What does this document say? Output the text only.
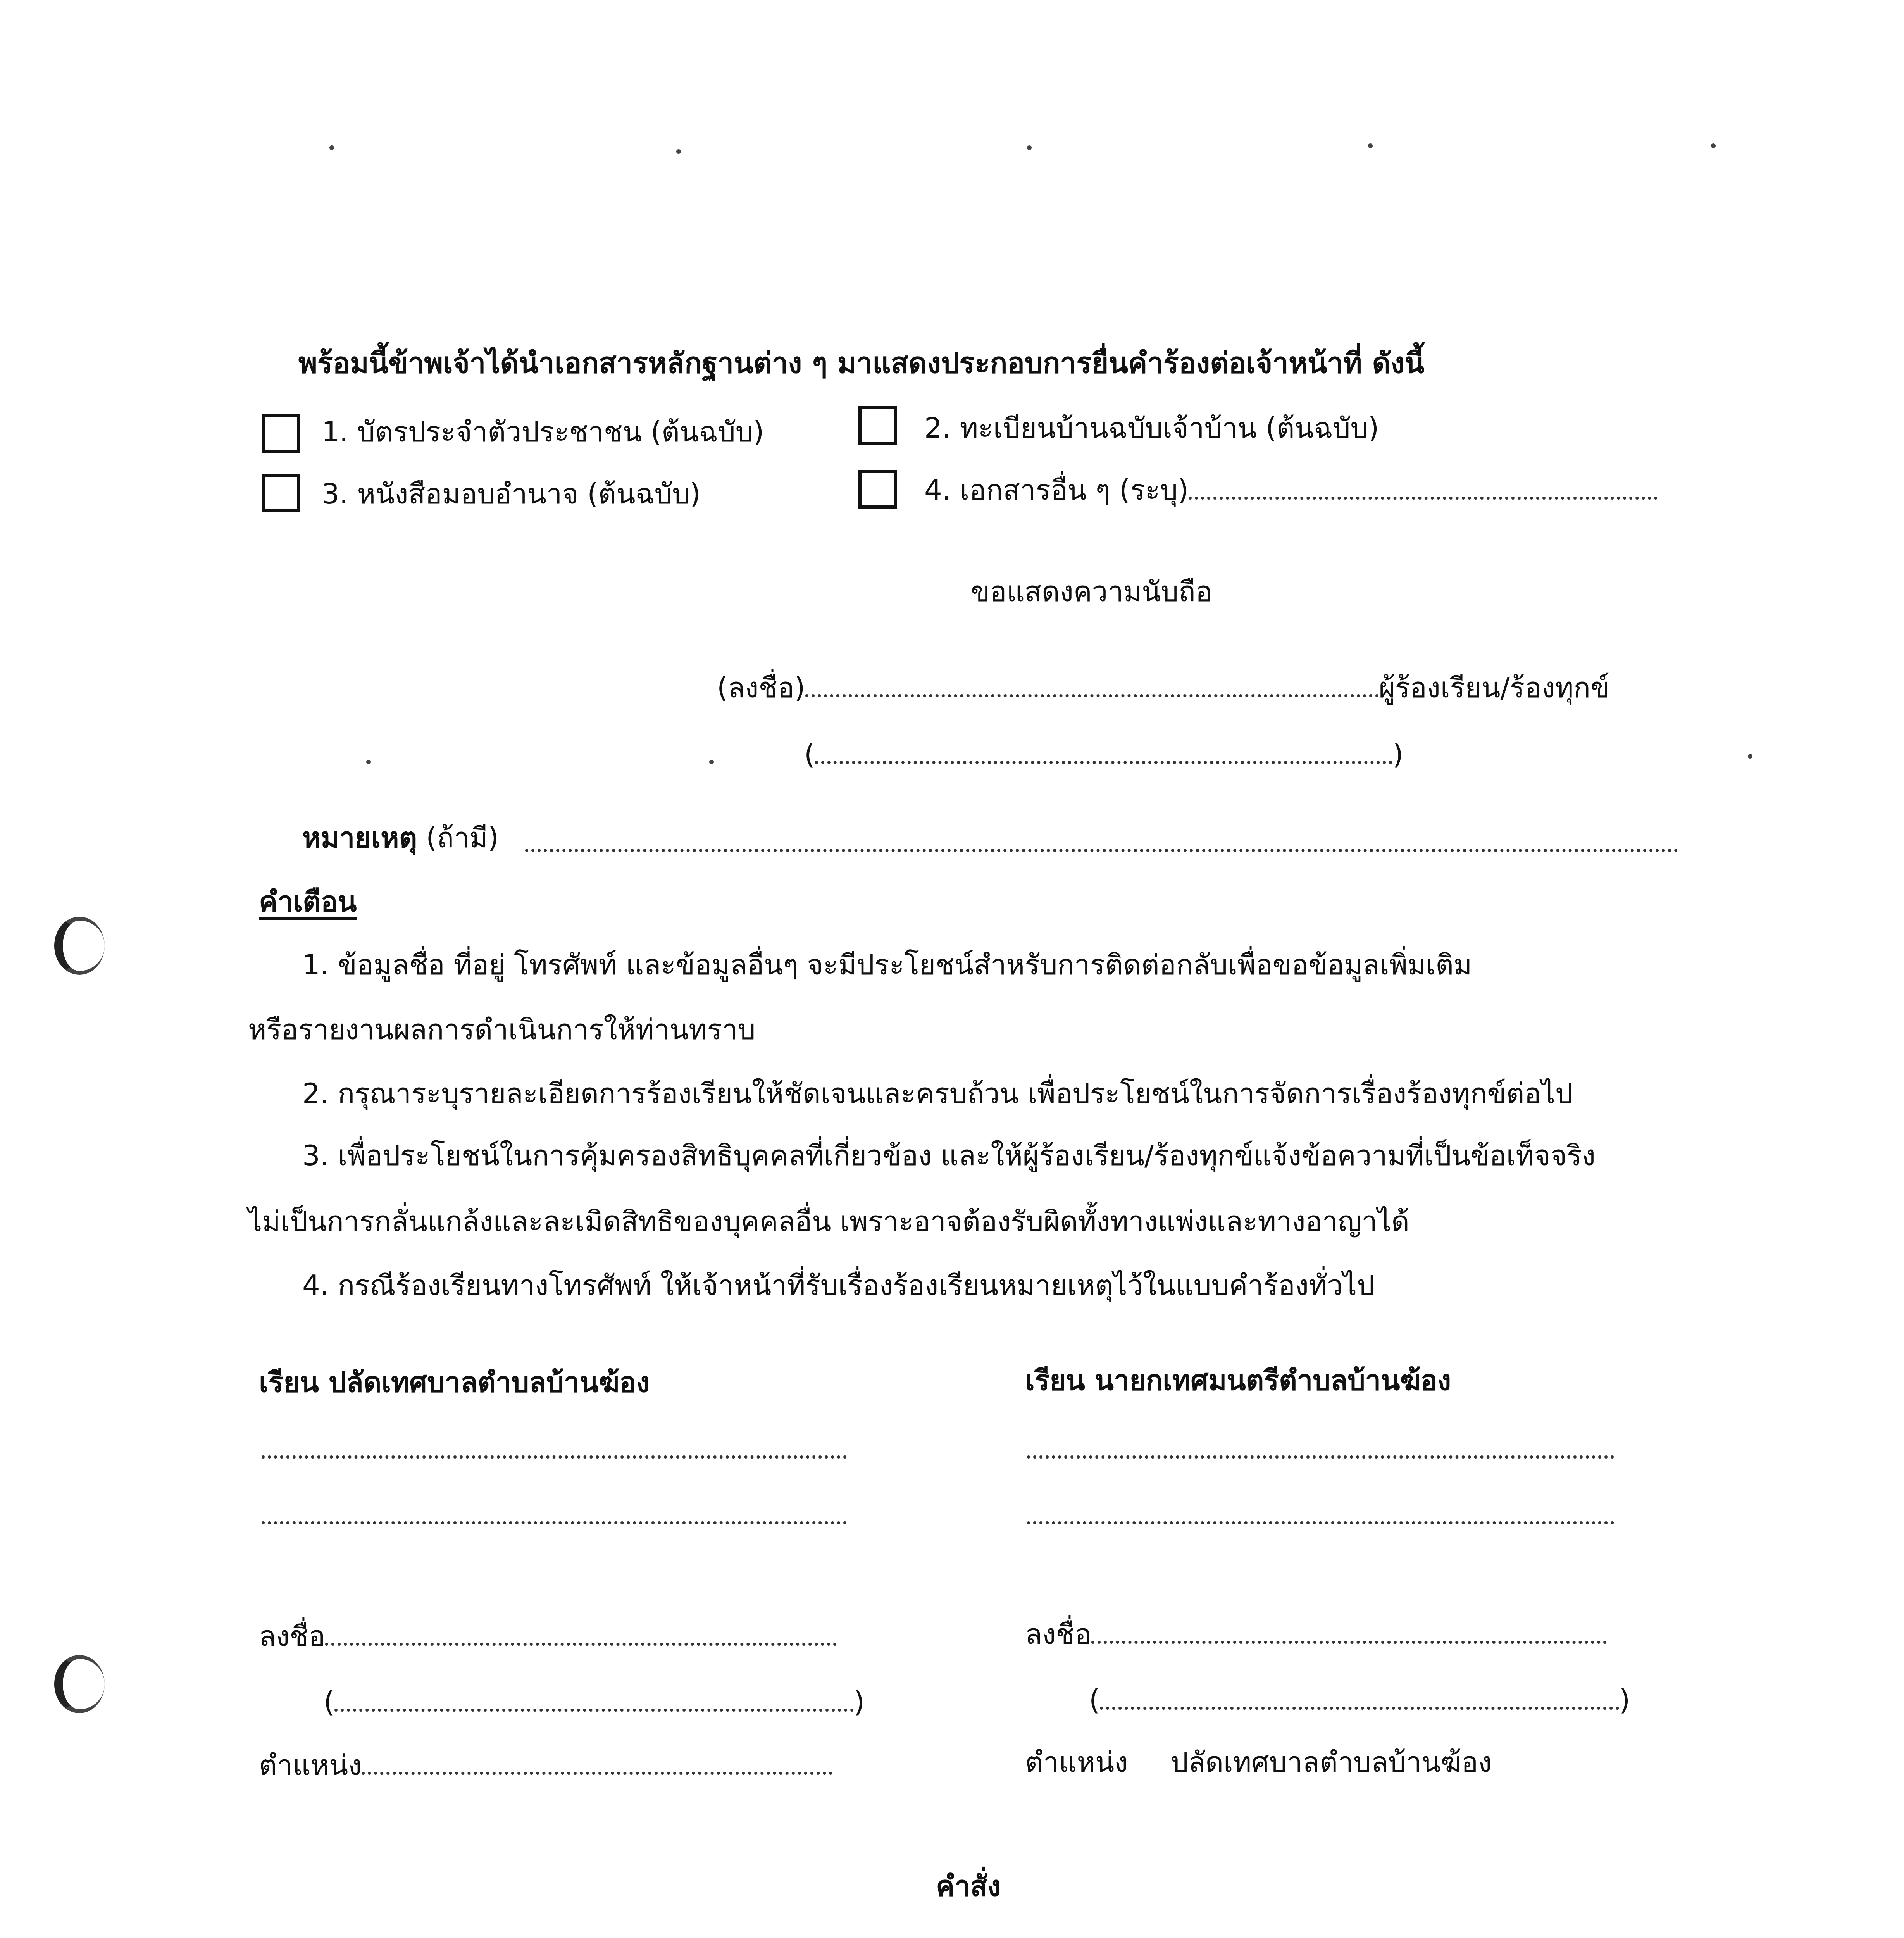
พร้อมนี้ข้าพเจ้าได้นำเอกสารหลักฐานต่าง ๆ มาแสดงประกอบการยื่นคำร้องต่อเจ้าหน้าที่ ดังนี้
1. บัตรประจำตัวประชาชน (ต้นฉบับ)	2. ทะเบียนบ้านฉบับเจ้าบ้าน (ต้นฉบับ)
3. หนังสือมอบอำนาจ (ต้นฉบับ)	4. เอกสารอื่น ๆ (ระบุ)
ขอแสดงความนับถือ
(ลงชื่อ)	ผู้ร้องเรียน/ร้องทุกข์
(	)
หมายเหตุ (ถ้ามี)
คำเตือน
1. ข้อมูลชื่อ ที่อยู่ โทรศัพท์ และข้อมูลอื่นๆ จะมีประโยชน์สำหรับการติดต่อกลับเพื่อขอข้อมูลเพิ่มเติม
หรือรายงานผลการดำเนินการให้ท่านทราบ
2. กรุณาระบุรายละเอียดการร้องเรียนให้ชัดเจนและครบถ้วน เพื่อประโยชน์ในการจัดการเรื่องร้องทุกข์ต่อไป
3. เพื่อประโยชน์ในการคุ้มครองสิทธิบุคคลที่เกี่ยวข้อง และให้ผู้ร้องเรียน/ร้องทุกข์แจ้งข้อความที่เป็นข้อเท็จจริง
ไม่เป็นการกลั่นแกล้งและละเมิดสิทธิของบุคคลอื่น เพราะอาจต้องรับผิดทั้งทางแพ่งและทางอาญาได้
4. กรณีร้องเรียนทางโทรศัพท์ ให้เจ้าหน้าที่รับเรื่องร้องเรียนหมายเหตุไว้ในแบบคำร้องทั่วไป
เรียน ปลัดเทศบาลตำบลบ้านฆ้อง
ลงชื่อ
(	)
ตำแหน่ง
เรียน นายกเทศมนตรีตำบลบ้านฆ้อง
ลงชื่อ
(	)
ตำแหน่ง ปลัดเทศบาลตำบลบ้านฆ้อง
คำสั่ง
